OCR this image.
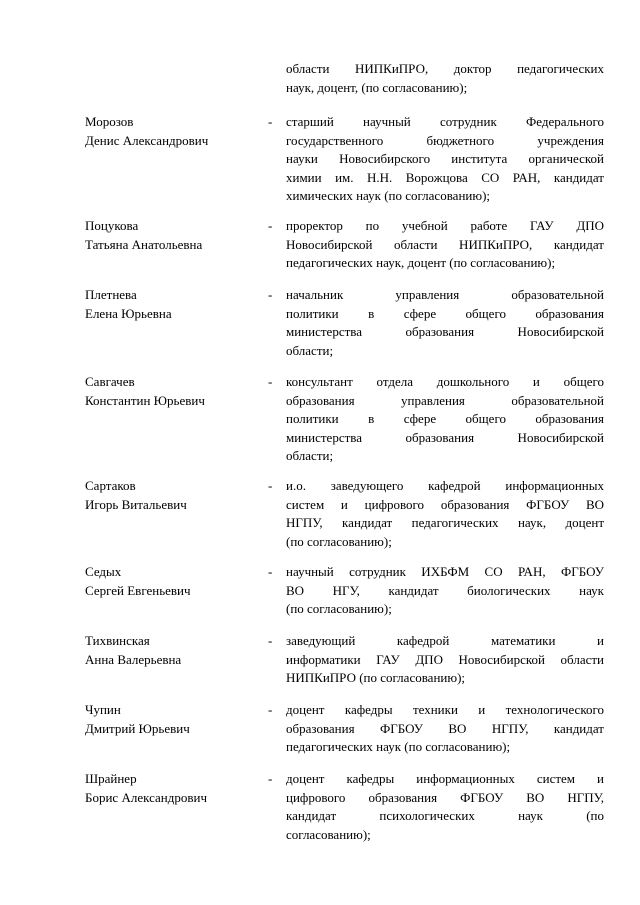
области НИПКиПРО, доктор педагогических
наук, доцент, (по согласованию);
Морозов
Денис Александрович
- старший научный сотрудник Федерального
государственного бюджетного учреждения
науки Новосибирского института органической
химии им. Н.Н. Ворожцова СО РАН, кандидат
химических наук (по согласованию);
Поцукова
Татьяна Анатольевна
- проректор по учебной работе ГАУ ДПО
Новосибирской области НИПКиПРО, кандидат
педагогических наук, доцент (по согласованию);
Плетнева
Елена Юрьевна
- начальник управления образовательной
политики в сфере общего образования
министерства образования Новосибирской
области;
Савгачев
Константин Юрьевич
- консультант отдела дошкольного и общего
образования управления образовательной
политики в сфере общего образования
министерства образования Новосибирской
области;
Сартаков
Игорь Витальевич
- и.о. заведующего кафедрой информационных
систем и цифрового образования ФГБОУ ВО
НГПУ, кандидат педагогических наук, доцент
(по согласованию);
Седых
Сергей Евгеньевич
- научный сотрудник ИХБФМ СО РАН, ФГБОУ
ВО НГУ, кандидат биологических наук
(по согласованию);
Тихвинская
Анна Валерьевна
- заведующий кафедрой математики и
информатики ГАУ ДПО Новосибирской области
НИПКиПРО (по согласованию);
Чупин
Дмитрий Юрьевич
- доцент кафедры техники и технологического
образования ФГБОУ ВО НГПУ, кандидат
педагогических наук (по согласованию);
Шрайнер
Борис Александрович
- доцент кафедры информационных систем и
цифрового образования ФГБОУ ВО НГПУ,
кандидат психологических наук (по
согласованию);
